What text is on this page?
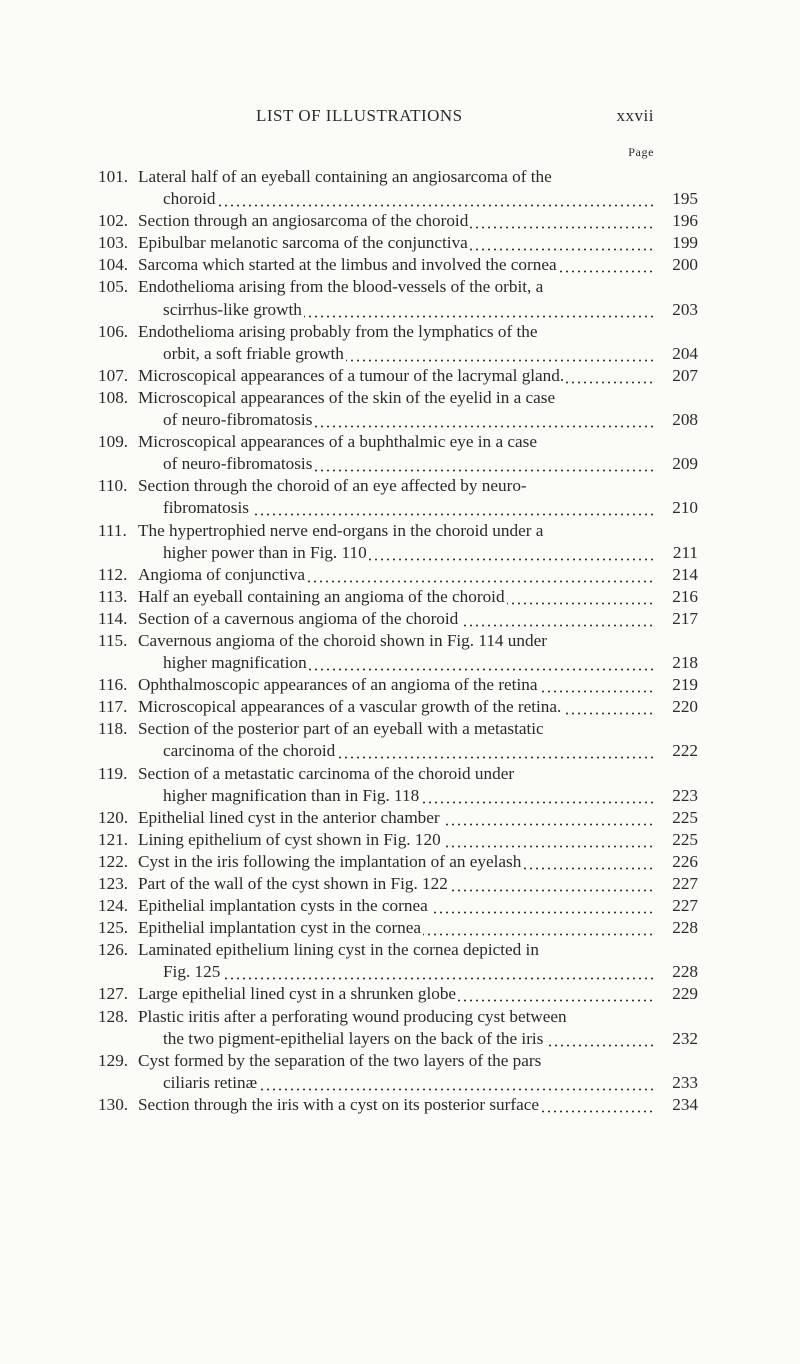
LIST OF ILLUSTRATIONS	xxvii
Page
101. Lateral half of an eyeball containing an angiosarcoma of the
choroid	195
102. Section through an angiosarcoma of the choroid	196
103. Epibulbar melanotic sarcoma of the conjunctiva	199
104. Sarcoma which started at the limbus and involved the cornea	200
105. Endothelioma arising from the blood-vessels of the orbit, a
scirrhus-like growth	203
106. Endothelioma arising probably from the lymphatics of the
orbit, a soft friable growth	204
107. Microscopical appearances of a tumour of the lacrymal gland.	207
108. Microscopical appearances of the skin of the eyelid in a case
of neuro-fibromatosis	208
109. Microscopical appearances of a buphthalmic eye in a case
of neuro-fibromatosis	209
110. Section through the choroid of an eye affected by neuro-
fibromatosis	210
111. The hypertrophied nerve end-organs in the choroid under a
higher power than in Fig. 110	211
112. Angioma of conjunctiva	214
113. Half an eyeball containing an angioma of the choroid	216
114. Section of a cavernous angioma of the choroid	217
115. Cavernous angioma of the choroid shown in Fig. 114 under
higher magnification	218
116. Ophthalmoscopic appearances of an angioma of the retina	219
117. Microscopical appearances of a vascular growth of the retina.	220
118. Section of the posterior part of an eyeball with a metastatic
carcinoma of the choroid	222
119. Section of a metastatic carcinoma of the choroid under
higher magnification than in Fig. 118	223
120. Epithelial lined cyst in the anterior chamber	225
121. Lining epithelium of cyst shown in Fig. 120	225
122. Cyst in the iris following the implantation of an eyelash	226
123. Part of the wall of the cyst shown in Fig. 122	227
124. Epithelial implantation cysts in the cornea	227
125. Epithelial implantation cyst in the cornea	228
126. Laminated epithelium lining cyst in the cornea depicted in
Fig. 125	228
127. Large epithelial lined cyst in a shrunken globe	229
128. Plastic iritis after a perforating wound producing cyst between
the two pigment-epithelial layers on the back of the iris	232
129. Cyst formed by the separation of the two layers of the pars
ciliaris retinæ	233
130. Section through the iris with a cyst on its posterior surface	234
